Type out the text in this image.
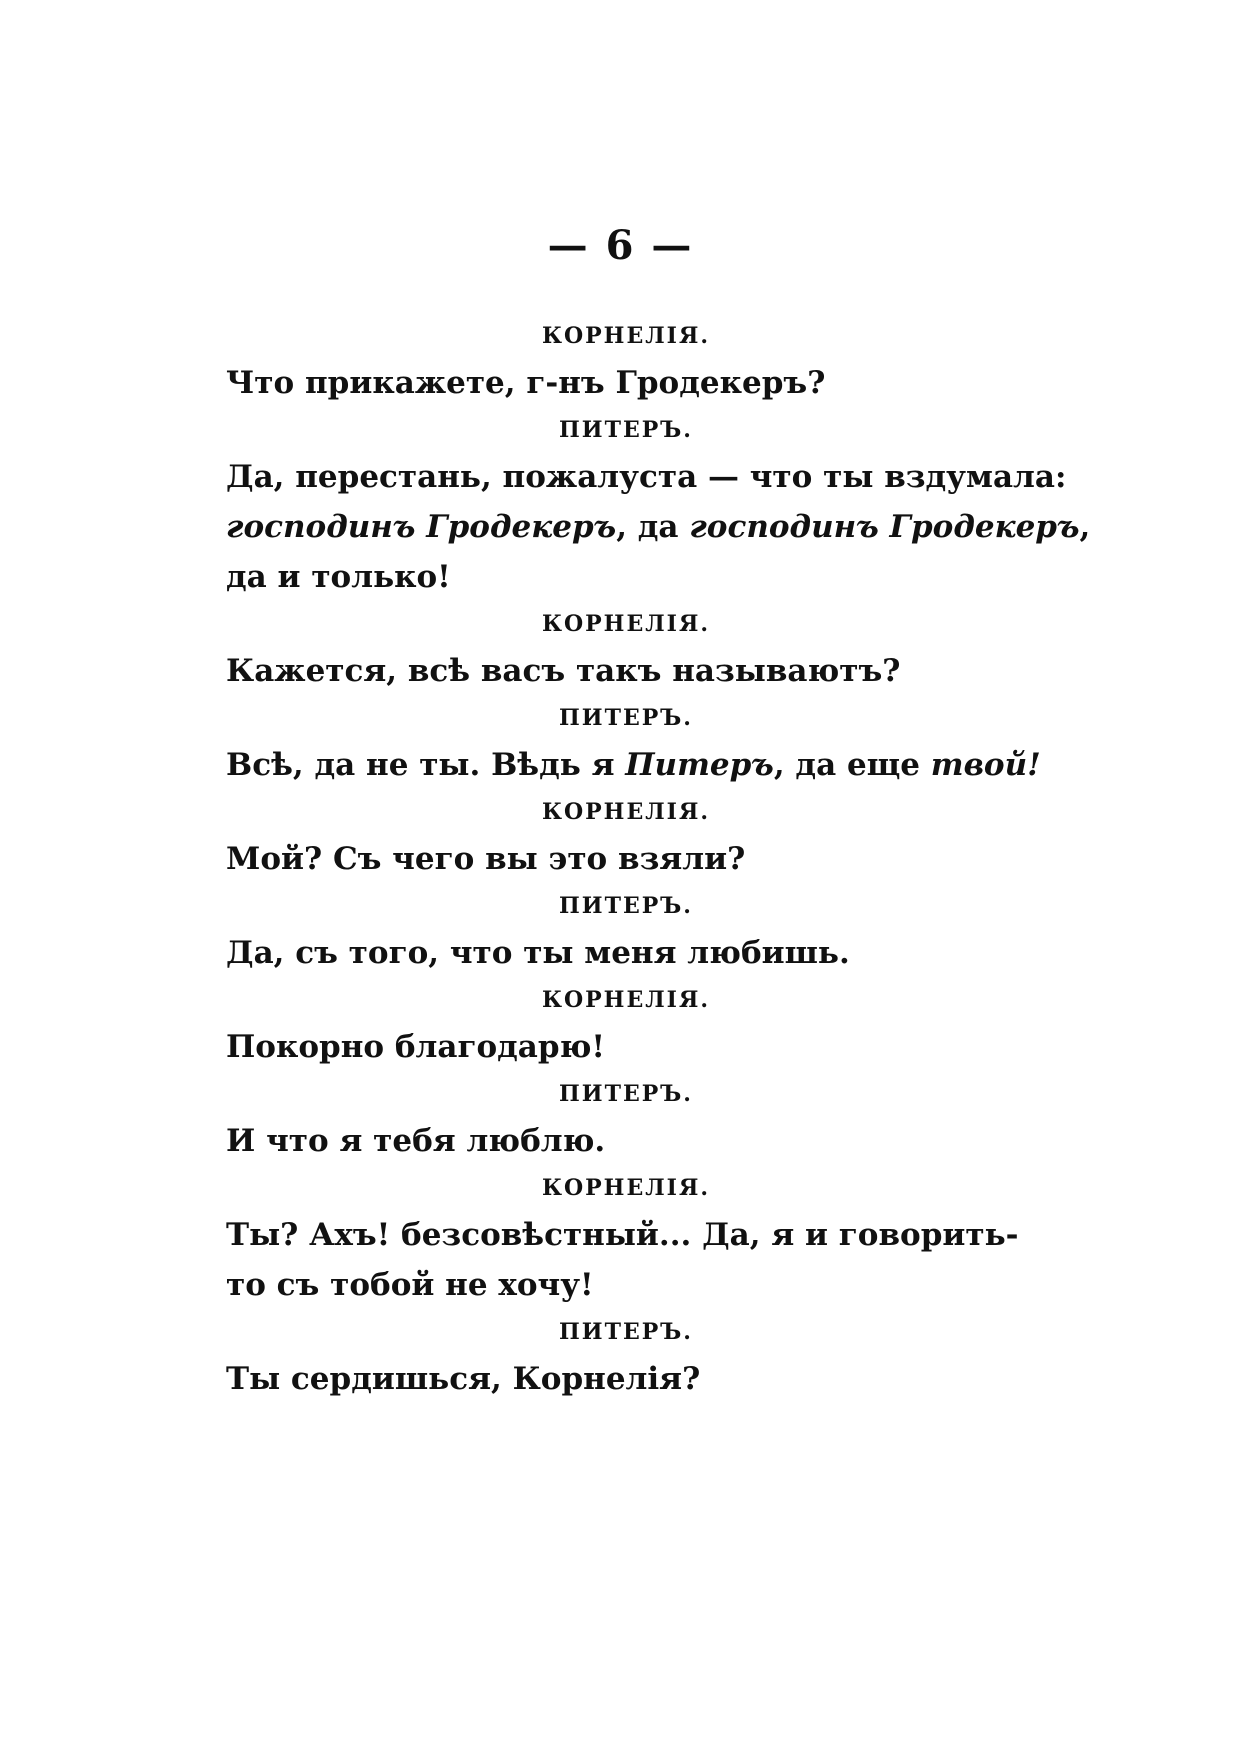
— 6 —

КОРНЕЛІЯ.

Что прикажете, г-нъ Гродекеръ?

ПИТЕРЪ.

Да, перестань, пожалуста — что ты вздумала:

господинъ Гродекеръ, да господинъ Гродекеръ,

да и только!

КОРНЕЛІЯ.

Кажется, всѣ васъ такъ называютъ?

ПИТЕРЪ.

Всѣ, да не ты. Вѣдь я Питеръ, да еще твой!

КОРНЕЛІЯ.

Мой? Съ чего вы это взяли?

ПИТЕРЪ.

Да, съ того, что ты меня любишь.

КОРНЕЛІЯ.

Покорно благодарю!

ПИТЕРЪ.

И что я тебя люблю.

КОРНЕЛІЯ.

Ты? Ахъ! безсовѣстный... Да, я и говорить-

то съ тобой не хочу!

ПИТЕРЪ.

Ты сердишься, Корнелія?
